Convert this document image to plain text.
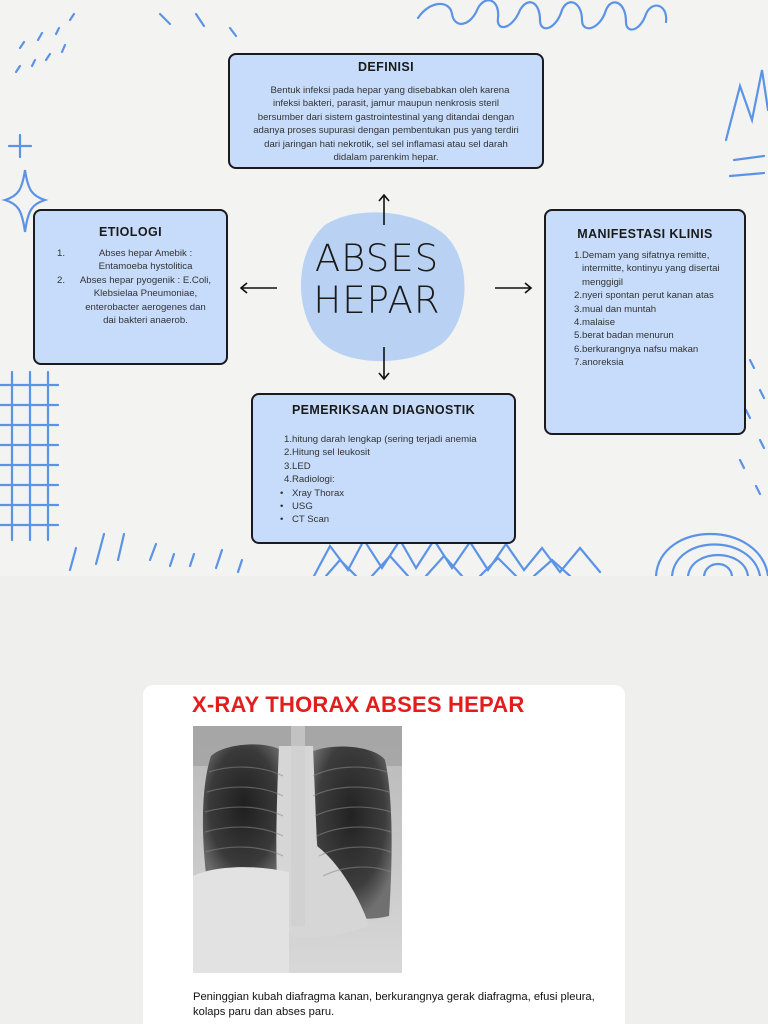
ABSES
HEPAR
DEFINISI
Bentuk infeksi pada hepar yang disebabkan oleh karena infeksi bakteri, parasit, jamur maupun nenkrosis steril bersumber dari sistem gastrointestinal yang ditandai dengan adanya proses supurasi dengan pembentukan pus yang terdiri dari jaringan hati nekrotik, sel sel inflamasi atau sel darah didalam parenkim hepar.
ETIOLOGI
1.	Abses hepar Amebik : Entamoeba hystolitica
2. Abses hepar pyogenik : E.Coli, Klebsielaa Pneumoniae, enterobacter aerogenes dan dai bakteri anaerob.
MANIFESTASI KLINIS
1. Demam yang sifatnya remitte, intermitte, kontinyu yang disertai menggigil
2. nyeri spontan perut kanan atas
3. mual dan muntah
4. malaise
5. berat badan menurun
6. berkurangnya nafsu makan
7. anoreksia
PEMERIKSAAN DIAGNOSTIK
1. hitung darah lengkap (sering terjadi anemia
2. Hitung sel leukosit
3. LED
4. Radiologi:
• Xray Thorax
• USG
• CT Scan
X-RAY THORAX ABSES HEPAR
Peninggian kubah diafragma kanan, berkurangnya gerak diafragma, efusi pleura, kolaps paru dan abses paru.
